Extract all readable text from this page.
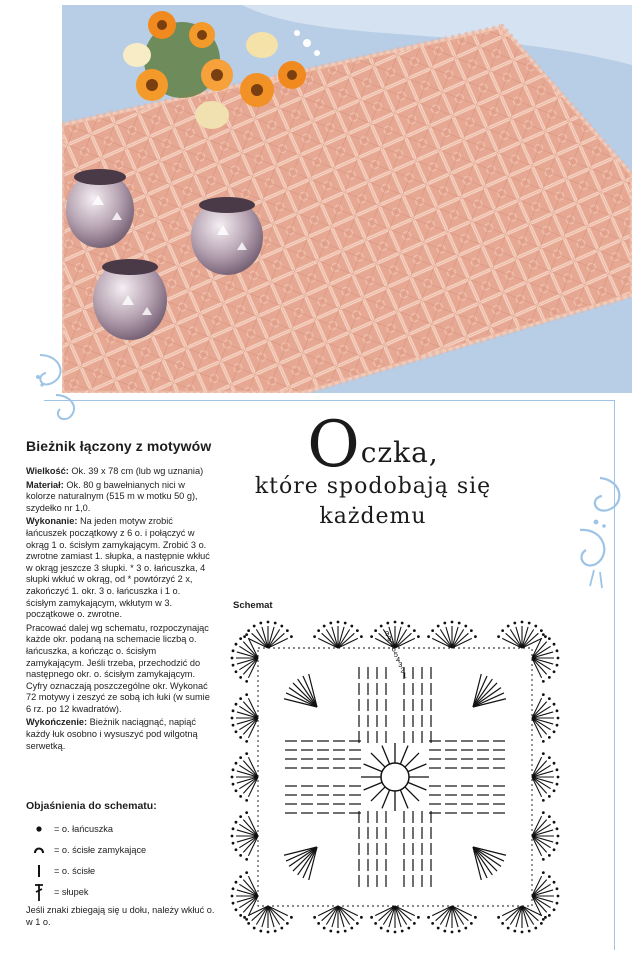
Bieżnik łączony z motywów

Wielkość: Ok. 39 x 78 cm (lub wg uznania)

Materiał: Ok. 80 g bawełnianych nici w kolorze naturalnym (515 m w motku 50 g), szydełko nr 1,0.

Wykonanie: Na jeden motyw zrobić łańcuszek początkowy z 6 o. i połączyć w okrąg 1 o. ścisłym zamykającym. Zrobić 3 o. zwrotne zamiast 1. słupka, a następnie wkłuć w okrąg jeszcze 3 słupki. * 3 o. łańcuszka, 4 słupki wkłuć w okrąg, od * powtórzyć 2 x, zakończyć 1. okr. 3 o. łańcuszka i 1 o. ścisłym zamykającym, wkłutym w 3. początkowe o. zwrotne.

Pracować dalej wg schematu, rozpoczynając każde okr. podaną na schemacie liczbą o. łańcuszka, a kończąc o. ścisłym zamykającym. Jeśli trzeba, przechodzić do następnego okr. o. ścisłym zamykającym. Cyfry oznaczają poszczególne okr. Wykonać 72 motywy i zeszyć ze sobą ich łuki (w sumie 6 rz. po 12 kwadratów).

Wykończenie: Bieżnik naciągnąć, napiąć każdy łuk osobno i wysuszyć pod wilgotną serwetką.

Oczka,
które spodobają się
każdemu
Schemat
9
8
7
6
5
4
3
2
1
Objaśnienia do schematu:
= o. łańcuszka
= o. ścisłe zamykające
= o. ścisłe
= słupek
Jeśli znaki zbiegają się u dołu, należy wkłuć o. w 1 o.
